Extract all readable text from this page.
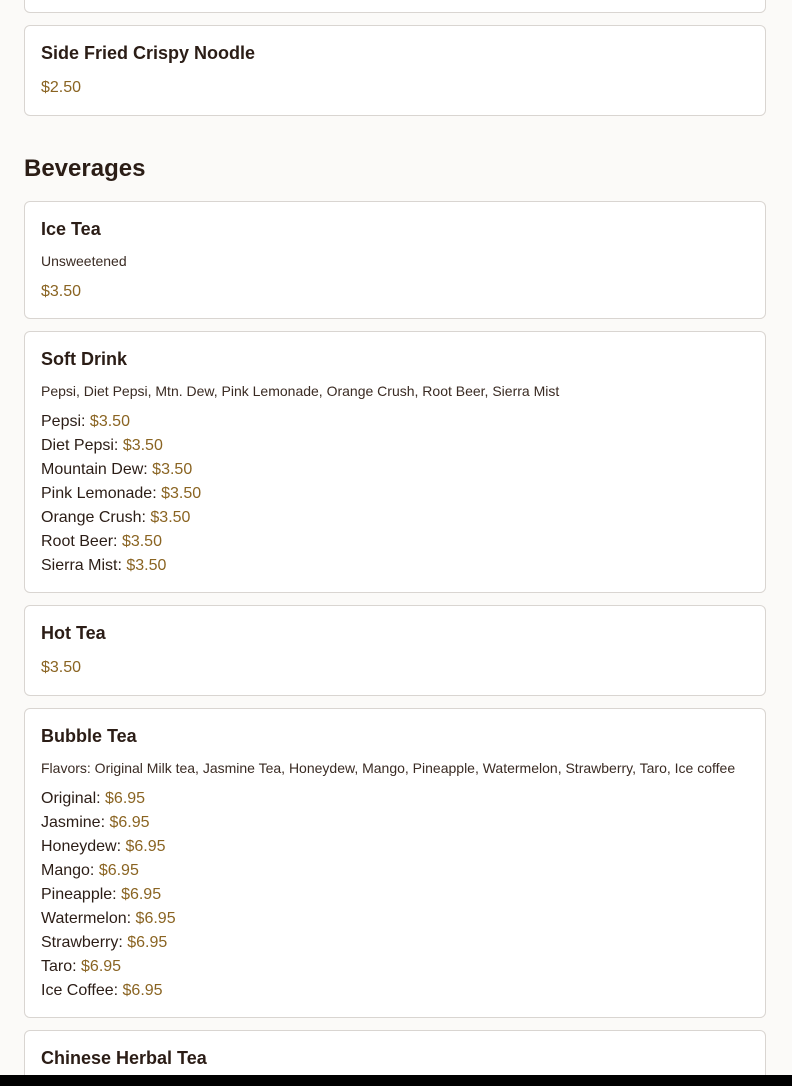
Side Fried Crispy Noodle
$2.50
Beverages
Ice Tea
Unsweetened
$3.50
Soft Drink
Pepsi, Diet Pepsi, Mtn. Dew, Pink Lemonade, Orange Crush, Root Beer, Sierra Mist
Pepsi: $3.50
Diet Pepsi: $3.50
Mountain Dew: $3.50
Pink Lemonade: $3.50
Orange Crush: $3.50
Root Beer: $3.50
Sierra Mist: $3.50
Hot Tea
$3.50
Bubble Tea
Flavors: Original Milk tea, Jasmine Tea, Honeydew, Mango, Pineapple, Watermelon, Strawberry, Taro, Ice coffee
Original: $6.95
Jasmine: $6.95
Honeydew: $6.95
Mango: $6.95
Pineapple: $6.95
Watermelon: $6.95
Strawberry: $6.95
Taro: $6.95
Ice Coffee: $6.95
Chinese Herbal Tea
